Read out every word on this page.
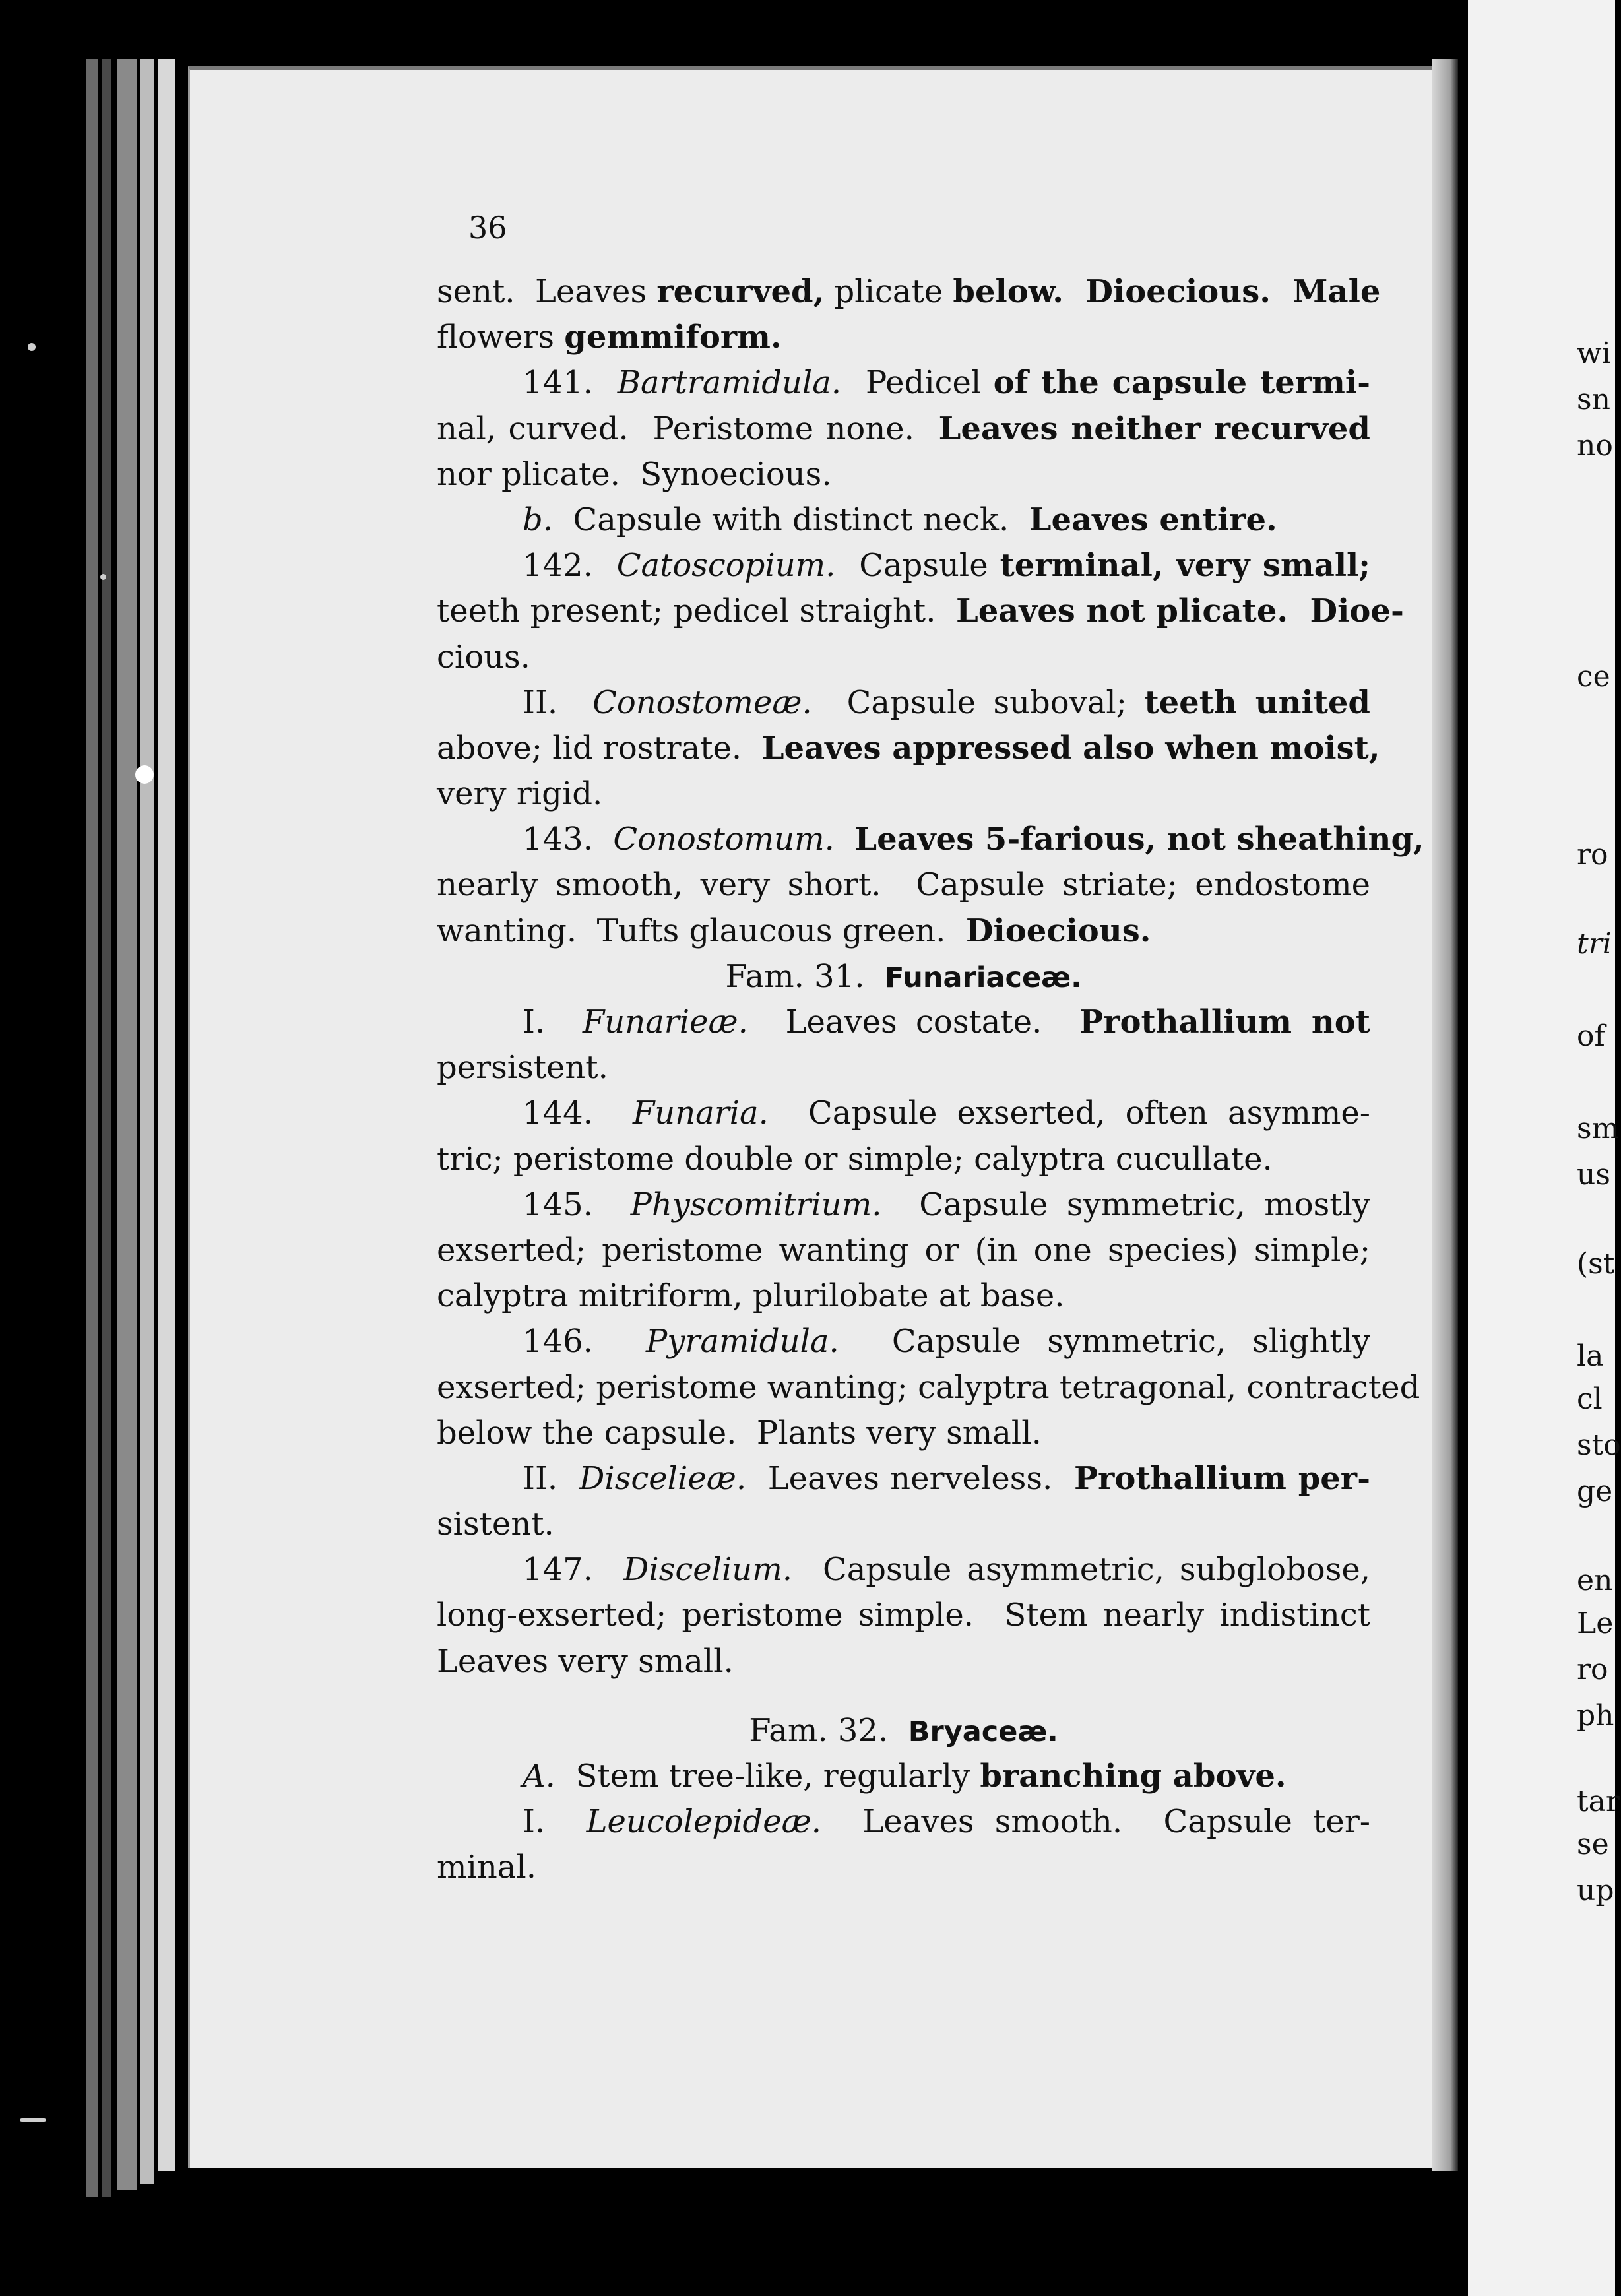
wi
sn
no
ce
ro
tri
of
sm
us
(st
la
cl
sto
ge
en
Le
ro
ph
tar
se
up
36
sent.  Leaves recurved, plicate below.  Dioecious.  Male
flowers gemmiform.
141.  Bartramidula.  Pedicel of the capsule termi-
nal, curved.  Peristome none.  Leaves neither recurved
nor plicate.  Synoecious.
b.  Capsule with distinct neck.  Leaves entire.
142.  Catoscopium.  Capsule terminal, very small;
teeth present; pedicel straight.  Leaves not plicate.  Dioe-
cious.
II.  Conostomeæ.  Capsule suboval; teeth united
above; lid rostrate.  Leaves appressed also when moist,
very rigid.
143.  Conostomum. Leaves 5-farious, not sheathing,
nearly smooth, very short.  Capsule striate; endostome
wanting.  Tufts glaucous green.  Dioecious.
Fam. 31.  Funariaceæ.
I.  Funarieæ.  Leaves costate.  Prothallium not
persistent.
144.  Funaria.  Capsule exserted, often asymme-
tric; peristome double or simple; calyptra cucullate.
145.  Physcomitrium.  Capsule symmetric, mostly
exserted; peristome wanting or (in one species) simple;
calyptra mitriform, plurilobate at base.
146.  Pyramidula.  Capsule symmetric, slightly
exserted; peristome wanting; calyptra tetragonal, contracted
below the capsule.  Plants very small.
II.  Disceliеæ.  Leaves nerveless.  Prothallium per-
sistent.
147.  Discelium.  Capsule asymmetric, subglobose,
long-exserted; peristome simple.  Stem nearly indistinct
Leaves very small.
Fam. 32.  Bryaceæ.
A.  Stem tree-like, regularly branching above.
I.  Leucolepideæ.  Leaves smooth.  Capsule ter-
minal.
